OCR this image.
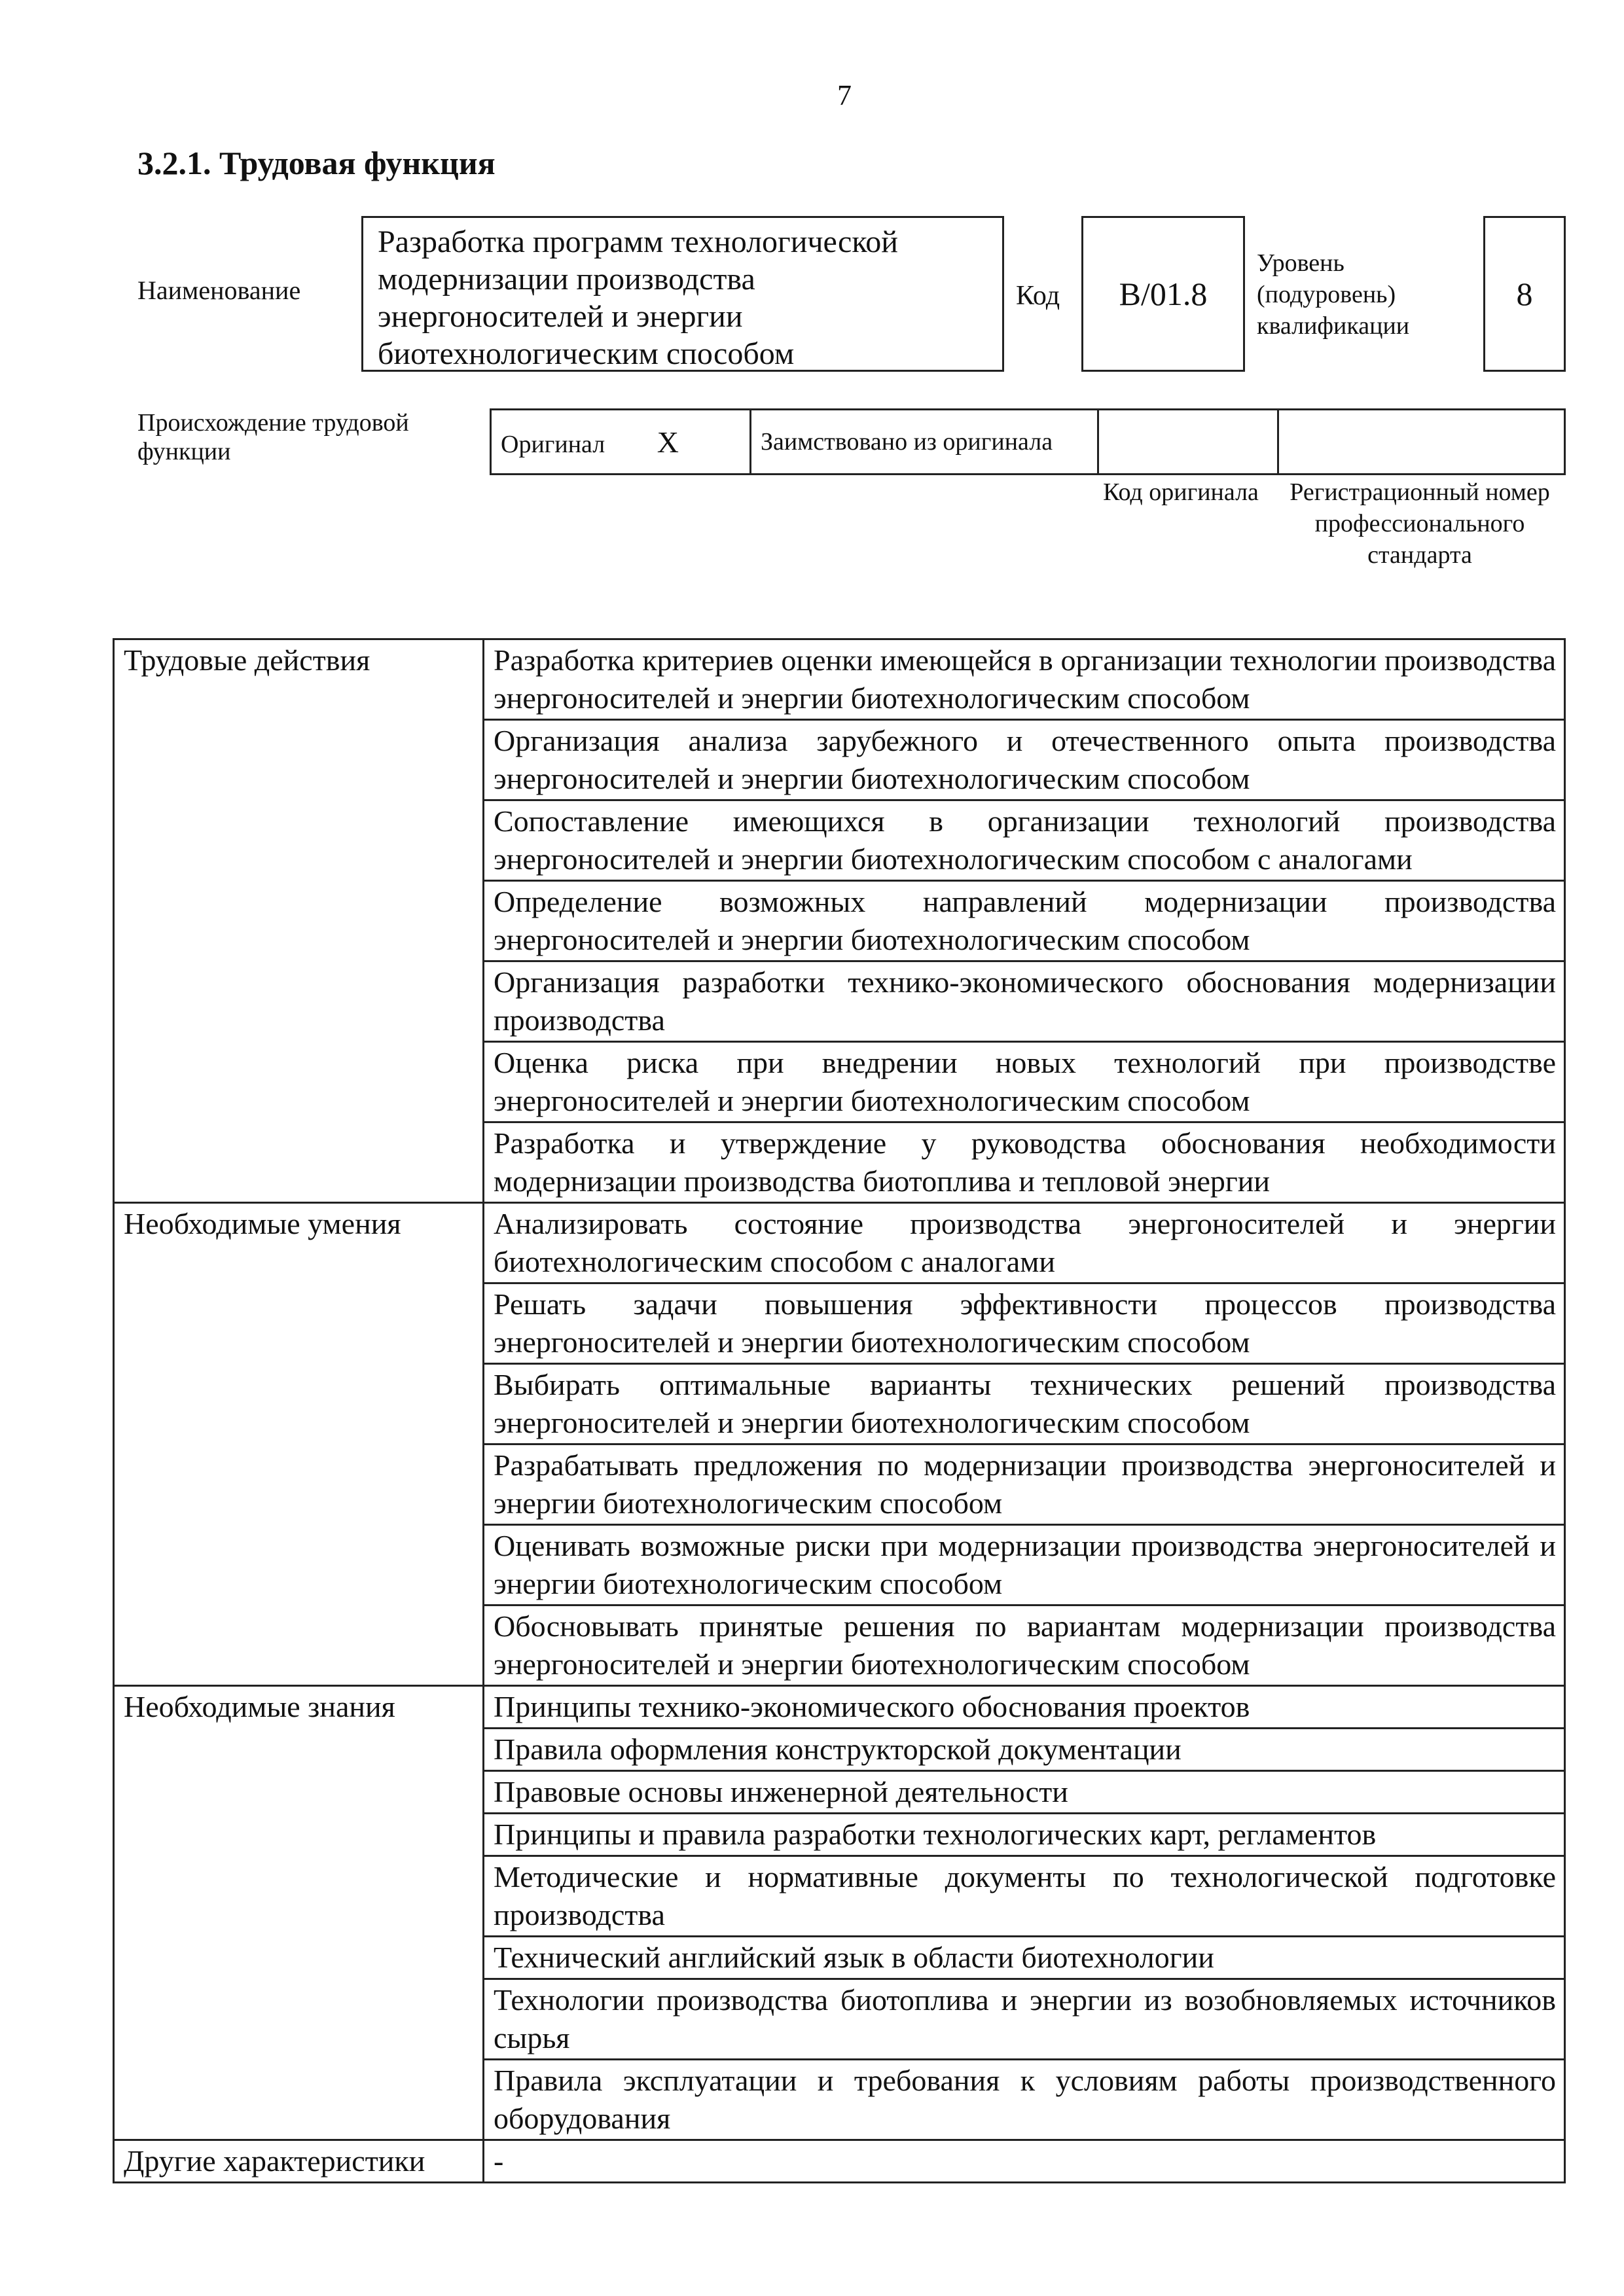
7
3.2.1. Трудовая функция
Наименование
Разработка программ технологической модернизации производства энергоносителей и энергии биотехнологическим способом
Код	B/01.8
Уровень (подуровень) квалификации
8
Происхождение трудовой функции	Оригинал X	Заимствовано из оригинала		
Код оригинала	Регистрационный номер профессионального стандарта
Трудовые действия	Разработка критериев оценки имеющейся в организации технологии производства энергоносителей и энергии биотехнологическим способом
	Организация анализа зарубежного и отечественного опыта производства энергоносителей и энергии биотехнологическим способом
	Сопоставление имеющихся в организации технологий производства энергоносителей и энергии биотехнологическим способом с аналогами
	Определение возможных направлений модернизации производства энергоносителей и энергии биотехнологическим способом
	Организация разработки технико-экономического обоснования модернизации производства
	Оценка риска при внедрении новых технологий при производстве энергоносителей и энергии биотехнологическим способом
	Разработка и утверждение у руководства обоснования необходимости модернизации производства биотоплива и тепловой энергии
Необходимые умения	Анализировать состояние производства энергоносителей и энергии биотехнологическим способом с аналогами
	Решать задачи повышения эффективности процессов производства энергоносителей и энергии биотехнологическим способом
	Выбирать оптимальные варианты технических решений производства энергоносителей и энергии биотехнологическим способом
	Разрабатывать предложения по модернизации производства энергоносителей и энергии биотехнологическим способом
	Оценивать возможные риски при модернизации производства энергоносителей и энергии биотехнологическим способом
	Обосновывать принятые решения по вариантам модернизации производства энергоносителей и энергии биотехнологическим способом
Необходимые знания	Принципы технико-экономического обоснования проектов
	Правила оформления конструкторской документации
	Правовые основы инженерной деятельности
	Принципы и правила разработки технологических карт, регламентов
	Методические и нормативные документы по технологической подготовке производства
	Технический английский язык в области биотехнологии
	Технологии производства биотоплива и энергии из возобновляемых источников сырья
	Правила эксплуатации и требования к условиям работы производственного оборудования
Другие характеристики	-
